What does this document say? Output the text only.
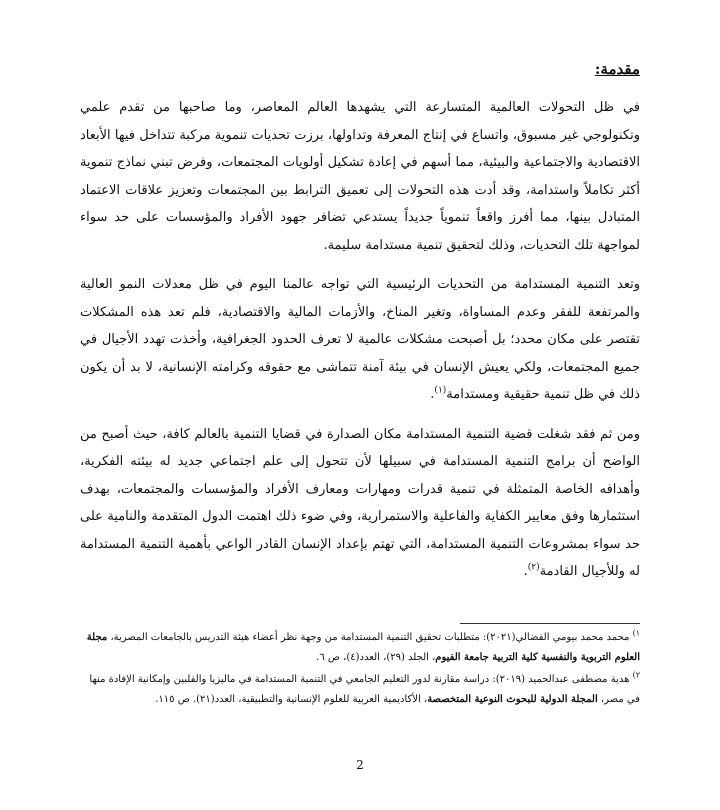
مقدمة:

في ظل التحولات العالمية المتسارعة التي يشهدها العالم المعاصر، وما صاحبها من تقدم علمي وتكنولوجي غير مسبوق، واتساع في إنتاج المعرفة وتداولها، برزت تحديات تنموية مركبة تتداخل فيها الأبعاد الاقتصادية والاجتماعية والبيئية، مما أسهم في إعادة تشكيل أولويات المجتمعات، وفرض تبني نماذج تنموية أكثر تكاملاً واستدامة، وقد أدت هذه التحولات إلى تعميق الترابط بين المجتمعات وتعزيز علاقات الاعتماد المتبادل بينها، مما أفرز واقعاً تنموياً جديداً يستدعي تضافر جهود الأفراد والمؤسسات على حد سواء لمواجهة تلك التحديات، وذلك لتحقيق تنمية مستدامة سليمة.

وتعد التنمية المستدامة من التحديات الرئيسية التي تواجه عالمنا اليوم في ظل معدلات النمو العالية والمرتفعة للفقر وعدم المساواة، وتغير المناخ، والأزمات المالية والاقتصادية، فلم تعد هذه المشكلات تقتصر على مكان محدد؛ بل أصبحت مشكلات عالمية لا تعرف الحدود الجغرافية، وأخذت تهدد الأجيال في جميع المجتمعات، ولكي يعيش الإنسان في بيئة آمنة تتماشى مع حقوقه وكرامته الإنسانية، لا بد أن يكون ذلك في ظل تنمية حقيقية ومستدامة$^{(١)}$.

ومن ثم فقد شغلت قضية التنمية المستدامة مكان الصدارة في قضايا التنمية بالعالم كافة، حيث أصبح من الواضح أن برامج التنمية المستدامة في سبيلها لأن تتحول إلى علم اجتماعي جديد له بيئته الفكرية، وأهدافه الخاصة المتمثلة في تنمية قدرات ومهارات ومعارف الأفراد والمؤسسات والمجتمعات، بهدف استثمارها وفق معايير الكفاية والفاعلية والاستمرارية، وفي ضوء ذلك اهتمت الدول المتقدمة والنامية على حد سواء بمشروعات التنمية المستدامة، التي تهتم بإعداد الإنسان القادر الواعي بأهمية التنمية المستدامة له وللأجيال القادمة$^{(٢)}$.

$^{١)}$ محمد محمد بيومي الفضالي(٢٠٢١): متطلبات تحقيق التنمية المستدامة من وجهة نظر أعضاء هيئة التدريس بالجامعات المصرية، مجلة العلوم التربوية والنفسية كلية التربية جامعة الفيوم، الجلد (٢٩)، العدد(٤)، ص ٦.

$^{٢)}$ هدية مصطفى عبدالحميد (٢٠١٩): دراسة مقارنة لدور التعليم الجامعي في التنمية المستدامة في ماليزيا والفلبين وإمكانية الإفادة منها في مصر، المجلة الدولية للبحوث النوعية المتخصصة، الأكاديمية العربية للعلوم الإنسانية والتطبيقية، العدد(٢١). ص ١١٥.

2
